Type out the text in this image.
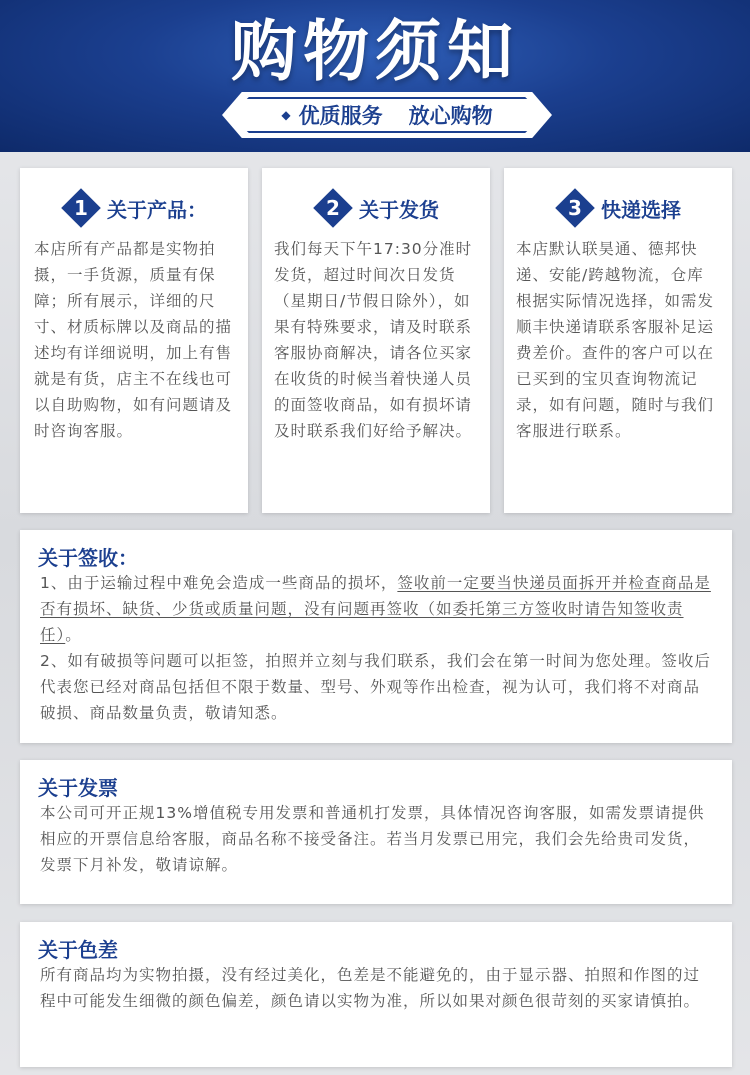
购物须知
◆ 优质服务 放心购物
1 关于产品：
本店所有产品都是实物拍摄，一手货源，质量有保障；所有展示，详细的尺寸、材质标牌以及商品的描述均有详细说明，加上有售就是有货，店主不在线也可以自助购物，如有问题请及时咨询客服。
2 关于发货
我们每天下午17:30分准时发货，超过时间次日发货（星期日/节假日除外），如果有特殊要求，请及时联系客服协商解决，请各位买家在收货的时候当着快递人员的面签收商品，如有损坏请及时联系我们好给予解决。
3 快递选择
本店默认联昊通、德邦快递、安能/跨越物流，仓库根据实际情况选择，如需发顺丰快递请联系客服补足运费差价。查件的客户可以在已买到的宝贝查询物流记录，如有问题，随时与我们客服进行联系。
关于签收：

1、由于运输过程中难免会造成一些商品的损坏，签收前一定要当快递员面拆开并检查商品是否有损坏、缺货、少货或质量问题，没有问题再签收（如委托第三方签收时请告知签收责任）。

2、如有破损等问题可以拒签，拍照并立刻与我们联系，我们会在第一时间为您处理。签收后代表您已经对商品包括但不限于数量、型号、外观等作出检查，视为认可，我们将不对商品破损、商品数量负责，敬请知悉。

关于发票
本公司可开正规13%增值税专用发票和普通机打发票，具体情况咨询客服，如需发票请提供相应的开票信息给客服，商品名称不接受备注。若当月发票已用完，我们会先给贵司发货，发票下月补发，敬请谅解。
关于色差
所有商品均为实物拍摄，没有经过美化，色差是不能避免的，由于显示器、拍照和作图的过程中可能发生细微的颜色偏差，颜色请以实物为准，所以如果对颜色很苛刻的买家请慎拍。
